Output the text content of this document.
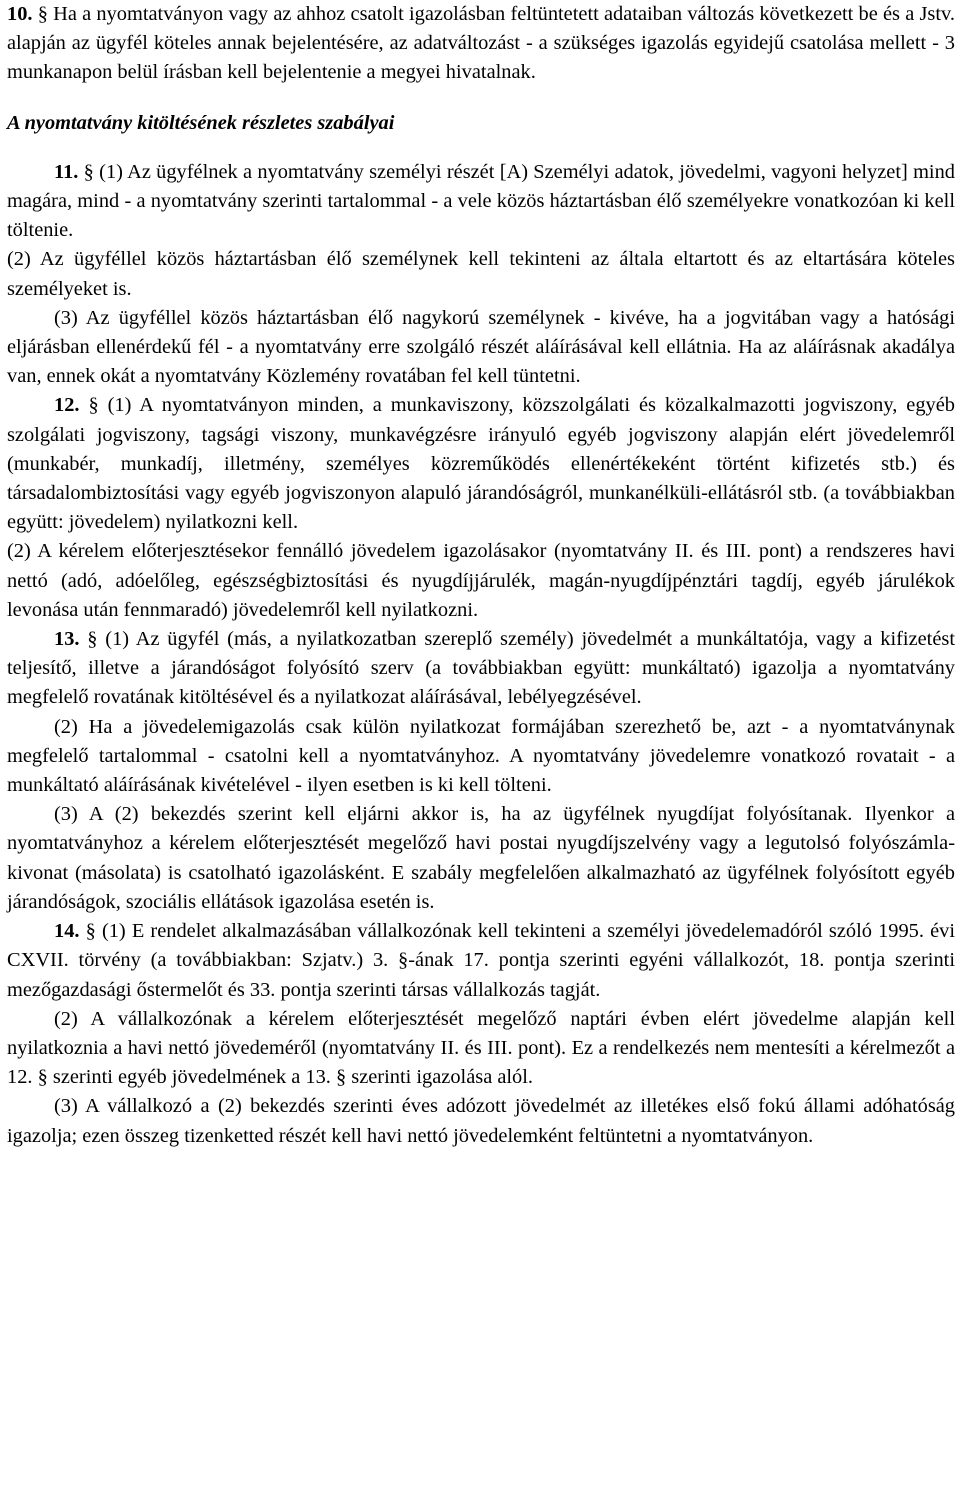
10. § Ha a nyomtatványon vagy az ahhoz csatolt igazolásban feltüntetett adataiban változás következett be és a Jstv. alapján az ügyfél köteles annak bejelentésére, az adatváltozást - a szükséges igazolás egyidejű csatolása mellett - 3 munkanapon belül írásban kell bejelentenie a megyei hivatalnak.

A nyomtatvány kitöltésének részletes szabályai

11. § (1) Az ügyfélnek a nyomtatvány személyi részét [A) Személyi adatok, jövedelmi, vagyoni helyzet] mind magára, mind - a nyomtatvány szerinti tartalommal - a vele közös háztartásban élő személyekre vonatkozóan ki kell töltenie.

(2) Az ügyféllel közös háztartásban élő személynek kell tekinteni az általa eltartott és az eltartására köteles személyeket is.

(3) Az ügyféllel közös háztartásban élő nagykorú személynek - kivéve, ha a jogvitában vagy a hatósági eljárásban ellenérdekű fél - a nyomtatvány erre szolgáló részét aláírásával kell ellátnia. Ha az aláírásnak akadálya van, ennek okát a nyomtatvány Közlemény rovatában fel kell tüntetni.

12. § (1) A nyomtatványon minden, a munkaviszony, közszolgálati és közalkalmazotti jogviszony, egyéb szolgálati jogviszony, tagsági viszony, munkavégzésre irányuló egyéb jogviszony alapján elért jövedelemről (munkabér, munkadíj, illetmény, személyes közreműködés ellenértékeként történt kifizetés stb.) és társadalombiztosítási vagy egyéb jogviszonyon alapuló járandóságról, munkanélküli-ellátásról stb. (a továbbiakban együtt: jövedelem) nyilatkozni kell.

(2) A kérelem előterjesztésekor fennálló jövedelem igazolásakor (nyomtatvány II. és III. pont) a rendszeres havi nettó (adó, adóelőleg, egészségbiztosítási és nyugdíjjárulék, magán-nyugdíjpénztári tagdíj, egyéb járulékok levonása után fennmaradó) jövedelemről kell nyilatkozni.

13. § (1) Az ügyfél (más, a nyilatkozatban szereplő személy) jövedelmét a munkáltatója, vagy a kifizetést teljesítő, illetve a járandóságot folyósító szerv (a továbbiakban együtt: munkáltató) igazolja a nyomtatvány megfelelő rovatának kitöltésével és a nyilatkozat aláírásával, lebélyegzésével.

(2) Ha a jövedelemigazolás csak külön nyilatkozat formájában szerezhető be, azt - a nyomtatványnak megfelelő tartalommal - csatolni kell a nyomtatványhoz. A nyomtatvány jövedelemre vonatkozó rovatait - a munkáltató aláírásának kivételével - ilyen esetben is ki kell tölteni.

(3) A (2) bekezdés szerint kell eljárni akkor is, ha az ügyfélnek nyugdíjat folyósítanak. Ilyenkor a nyomtatványhoz a kérelem előterjesztését megelőző havi postai nyugdíjszelvény vagy a legutolsó folyószámla-kivonat (másolata) is csatolható igazolásként. E szabály megfelelően alkalmazható az ügyfélnek folyósított egyéb járandóságok, szociális ellátások igazolása esetén is.

14. § (1) E rendelet alkalmazásában vállalkozónak kell tekinteni a személyi jövedelemadóról szóló 1995. évi CXVII. törvény (a továbbiakban: Szjatv.) 3. §-ának 17. pontja szerinti egyéni vállalkozót, 18. pontja szerinti mezőgazdasági őstermelőt és 33. pontja szerinti társas vállalkozás tagját.

(2) A vállalkozónak a kérelem előterjesztését megelőző naptári évben elért jövedelme alapján kell nyilatkoznia a havi nettó jövedeméről (nyomtatvány II. és III. pont). Ez a rendelkezés nem mentesíti a kérelmezőt a 12. § szerinti egyéb jövedelmének a 13. § szerinti igazolása alól.

(3) A vállalkozó a (2) bekezdés szerinti éves adózott jövedelmét az illetékes első fokú állami adóhatóság igazolja; ezen összeg tizenketted részét kell havi nettó jövedelemként feltüntetni a nyomtatványon.
